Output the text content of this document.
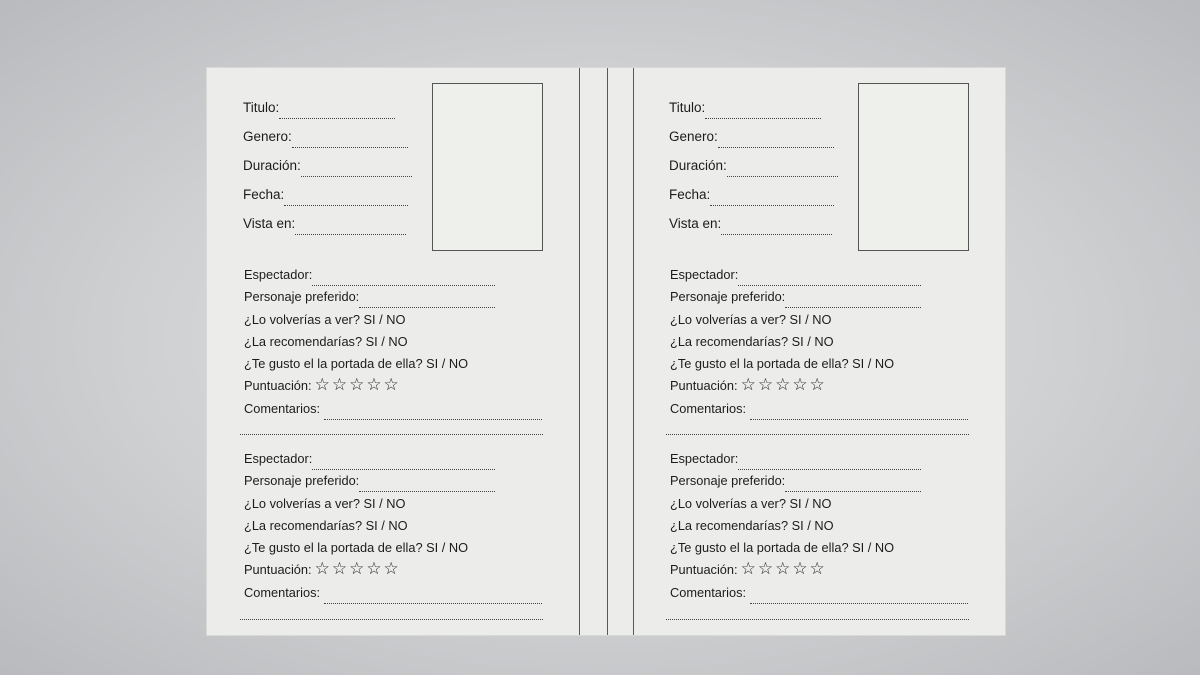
Titulo:
Genero:
Duración:
Fecha:
Vista en:
Espectador:
Personaje preferido:
¿Lo volverías a ver? SI / NO
¿La recomendarías? SI / NO
¿Te gusto el la portada de ella? SI / NO
Puntuación: ☆☆☆☆☆
Comentarios:
Espectador:
Personaje preferido:
¿Lo volverías a ver? SI / NO
¿La recomendarías? SI / NO
¿Te gusto el la portada de ella? SI / NO
Puntuación: ☆☆☆☆☆
Comentarios:
Titulo:
Genero:
Duración:
Fecha:
Vista en:
Espectador:
Personaje preferido:
¿Lo volverías a ver? SI / NO
¿La recomendarías? SI / NO
¿Te gusto el la portada de ella? SI / NO
Puntuación: ☆☆☆☆☆
Comentarios:
Espectador:
Personaje preferido:
¿Lo volverías a ver? SI / NO
¿La recomendarías? SI / NO
¿Te gusto el la portada de ella? SI / NO
Puntuación: ☆☆☆☆☆
Comentarios:
